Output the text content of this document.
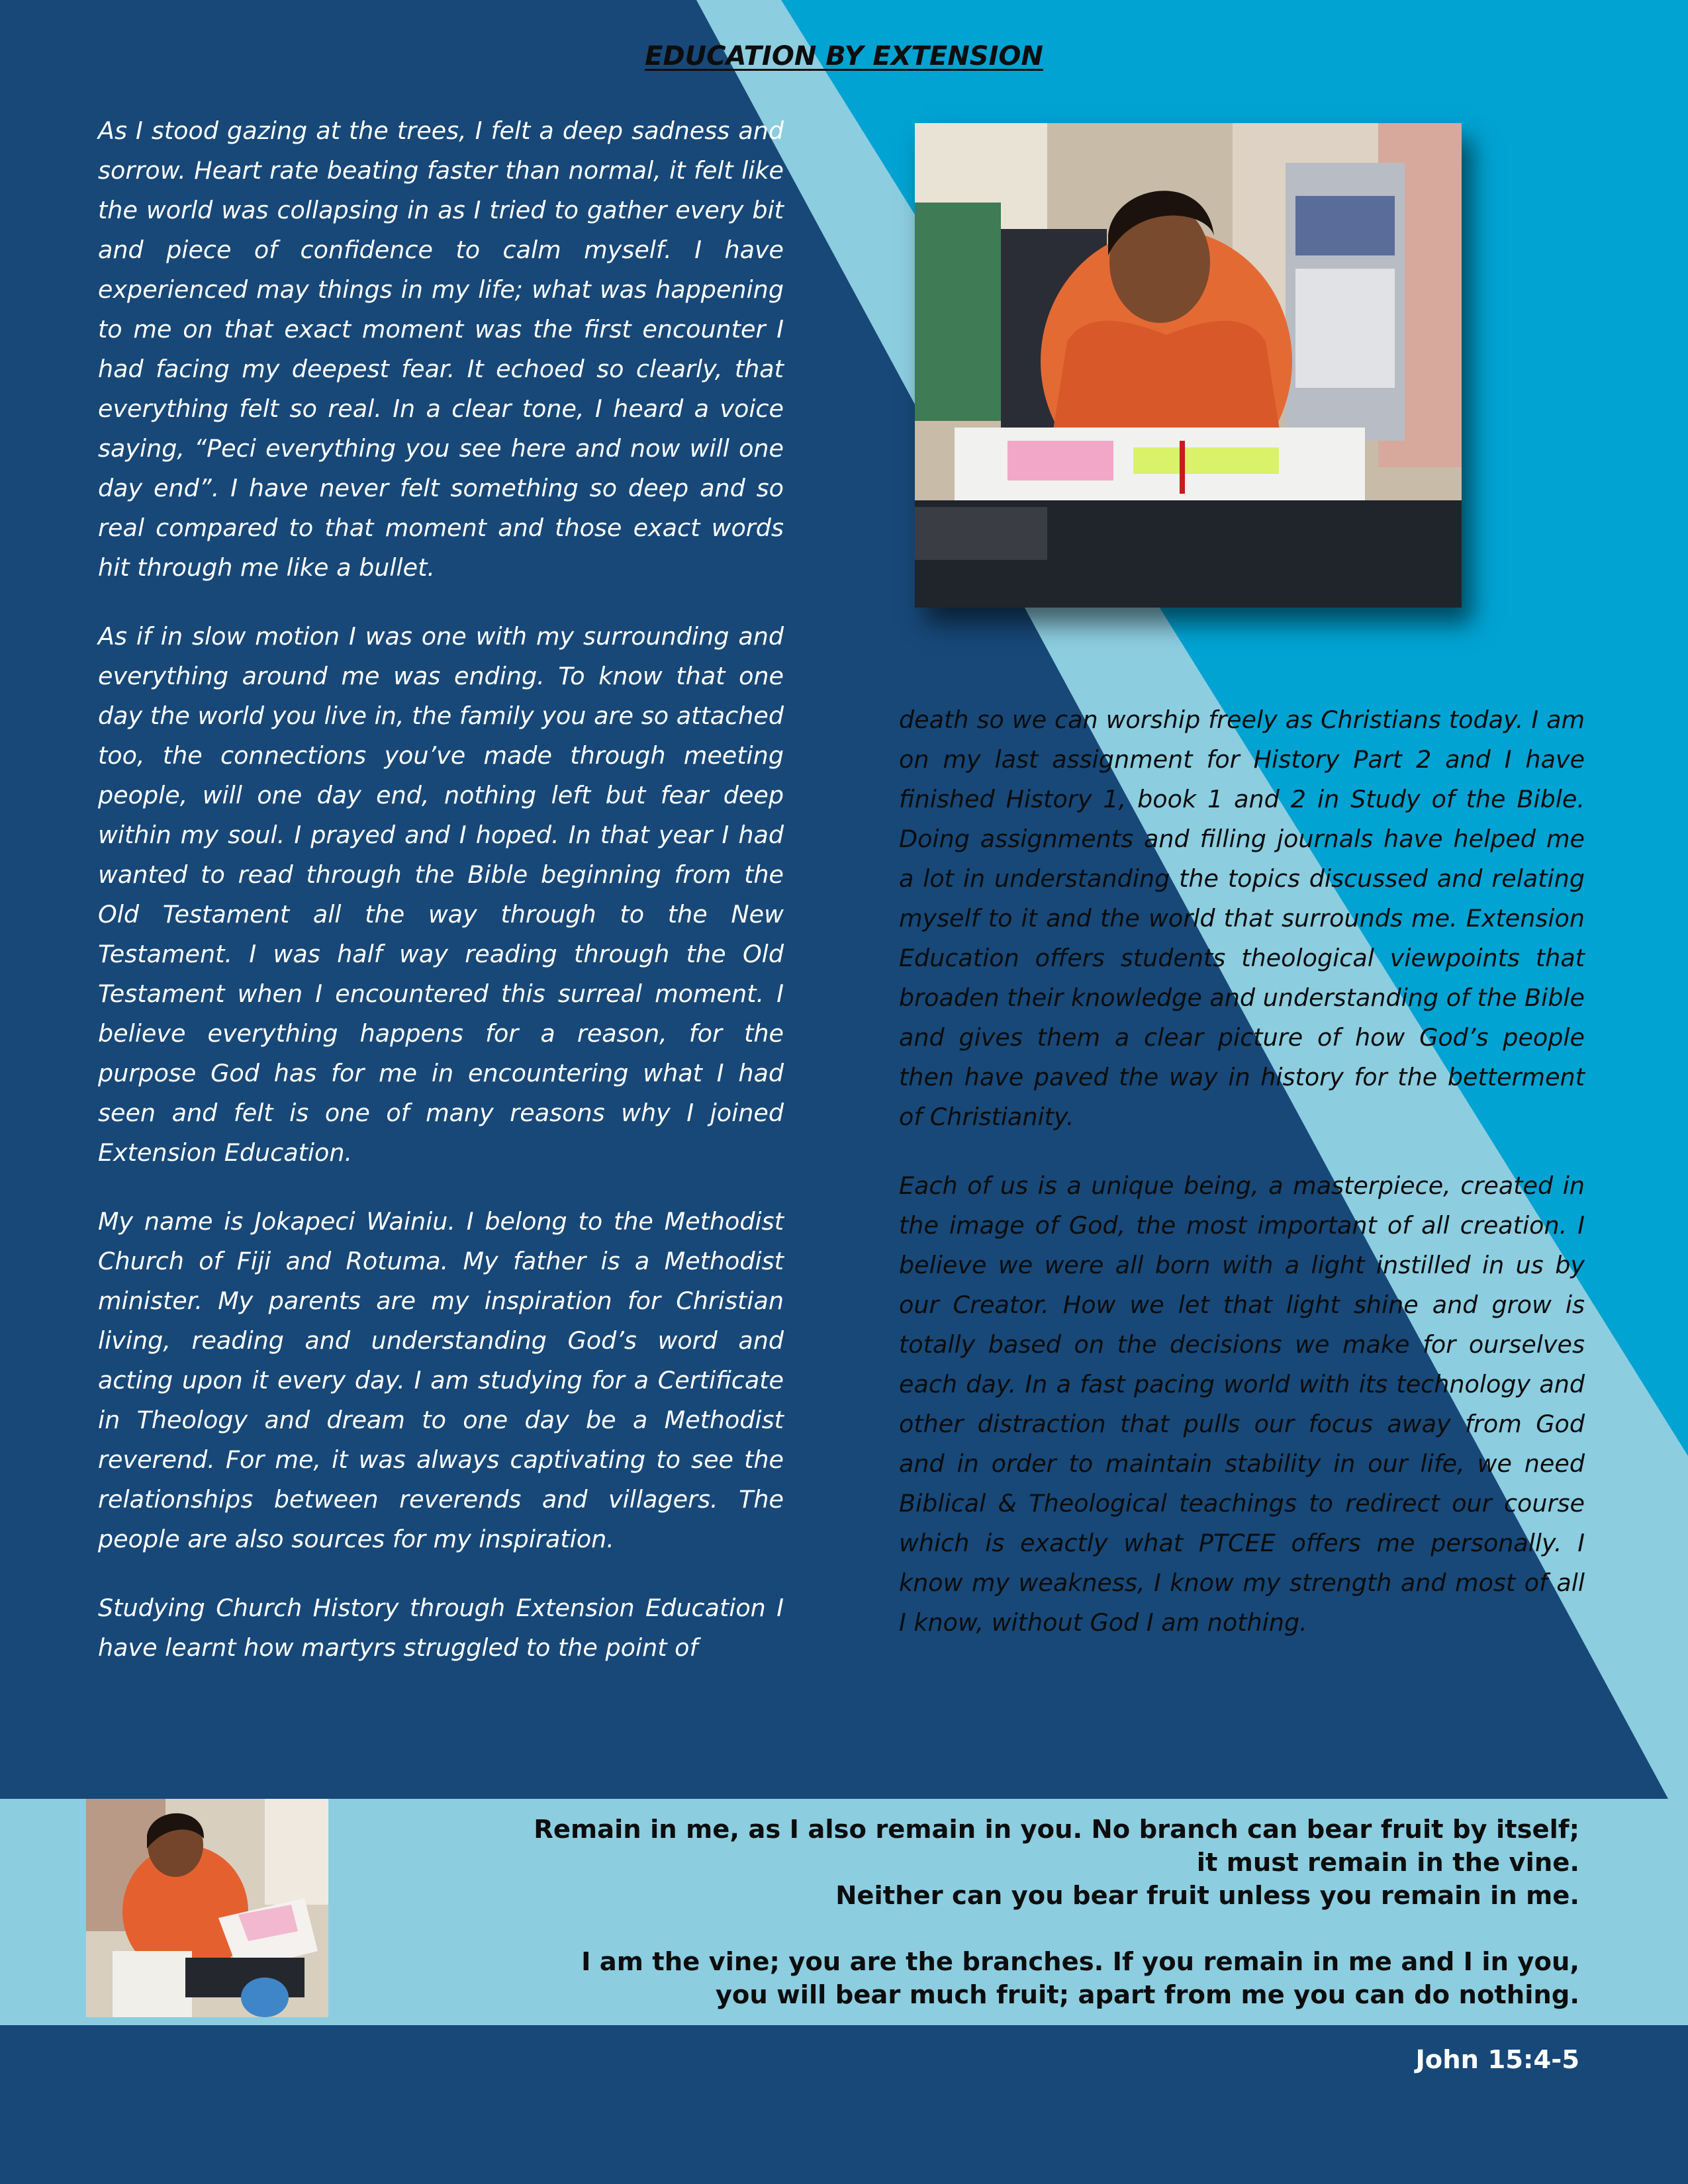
EDUCATION BY EXTENSION

As I stood gazing at the trees, I felt a deep sadness and sorrow. Heart rate beating faster than normal, it felt like the world was collapsing in as I tried to gather every bit and piece of confidence to calm myself. I have experienced may things in my life; what was happening to me on that exact moment was the first encounter I had facing my deepest fear. It echoed so clearly, that everything felt so real. In a clear tone, I heard a voice saying, “Peci everything you see here and now will one day end”. I have never felt something so deep and so real compared to that moment and those exact words hit through me like a bullet.

As if in slow motion I was one with my surrounding and everything around me was ending. To know that one day the world you live in, the family you are so attached too, the connections you’ve made through meeting people, will one day end, nothing left but fear deep within my soul. I prayed and I hoped. In that year I had wanted to read through the Bible beginning from the Old Testament all the way through to the New Testament. I was half way reading through the Old Testament when I encountered this surreal moment. I believe everything happens for a reason, for the purpose God has for me in encountering what I had seen and felt is one of many reasons why I joined Extension Education.

My name is Jokapeci Wainiu. I belong to the Methodist Church of Fiji and Rotuma. My father is a Methodist minister. My parents are my inspiration for Christian living, reading and understanding God’s word and acting upon it every day. I am studying for a Certificate in Theology and dream to one day be a Methodist reverend. For me, it was always captivating to see the relationships between reverends and villagers. The people are also sources for my inspiration.

Studying Church History through Extension Education I have learnt how martyrs struggled to the point of

death so we can worship freely as Christians today. I am on my last assignment for History Part 2 and I have finished History 1, book 1 and 2 in Study of the Bible. Doing assignments and filling journals have helped me a lot in understanding the topics discussed and relating myself to it and the world that surrounds me. Extension Education offers students theological viewpoints that broaden their knowledge and understanding of the Bible and gives them a clear picture of how God’s people then have paved the way in history for the betterment of Christianity.

Each of us is a unique being, a masterpiece, created in the image of God, the most important of all creation. I believe we were all born with a light instilled in us by our Creator. How we let that light shine and grow is totally based on the decisions we make for ourselves each day. In a fast pacing world with its technology and other distraction that pulls our focus away from God and in order to maintain stability in our life, we need Biblical & Theological teachings to redirect our course which is exactly what PTCEE offers me personally. I know my weakness, I know my strength and most of all I know, without God I am nothing.

Remain in me, as I also remain in you. No branch can bear fruit by itself;
it must remain in the vine.
Neither can you bear fruit unless you remain in me.
I am the vine; you are the branches. If you remain in me and I in you,
you will bear much fruit; apart from me you can do nothing.
John 15:4-5
